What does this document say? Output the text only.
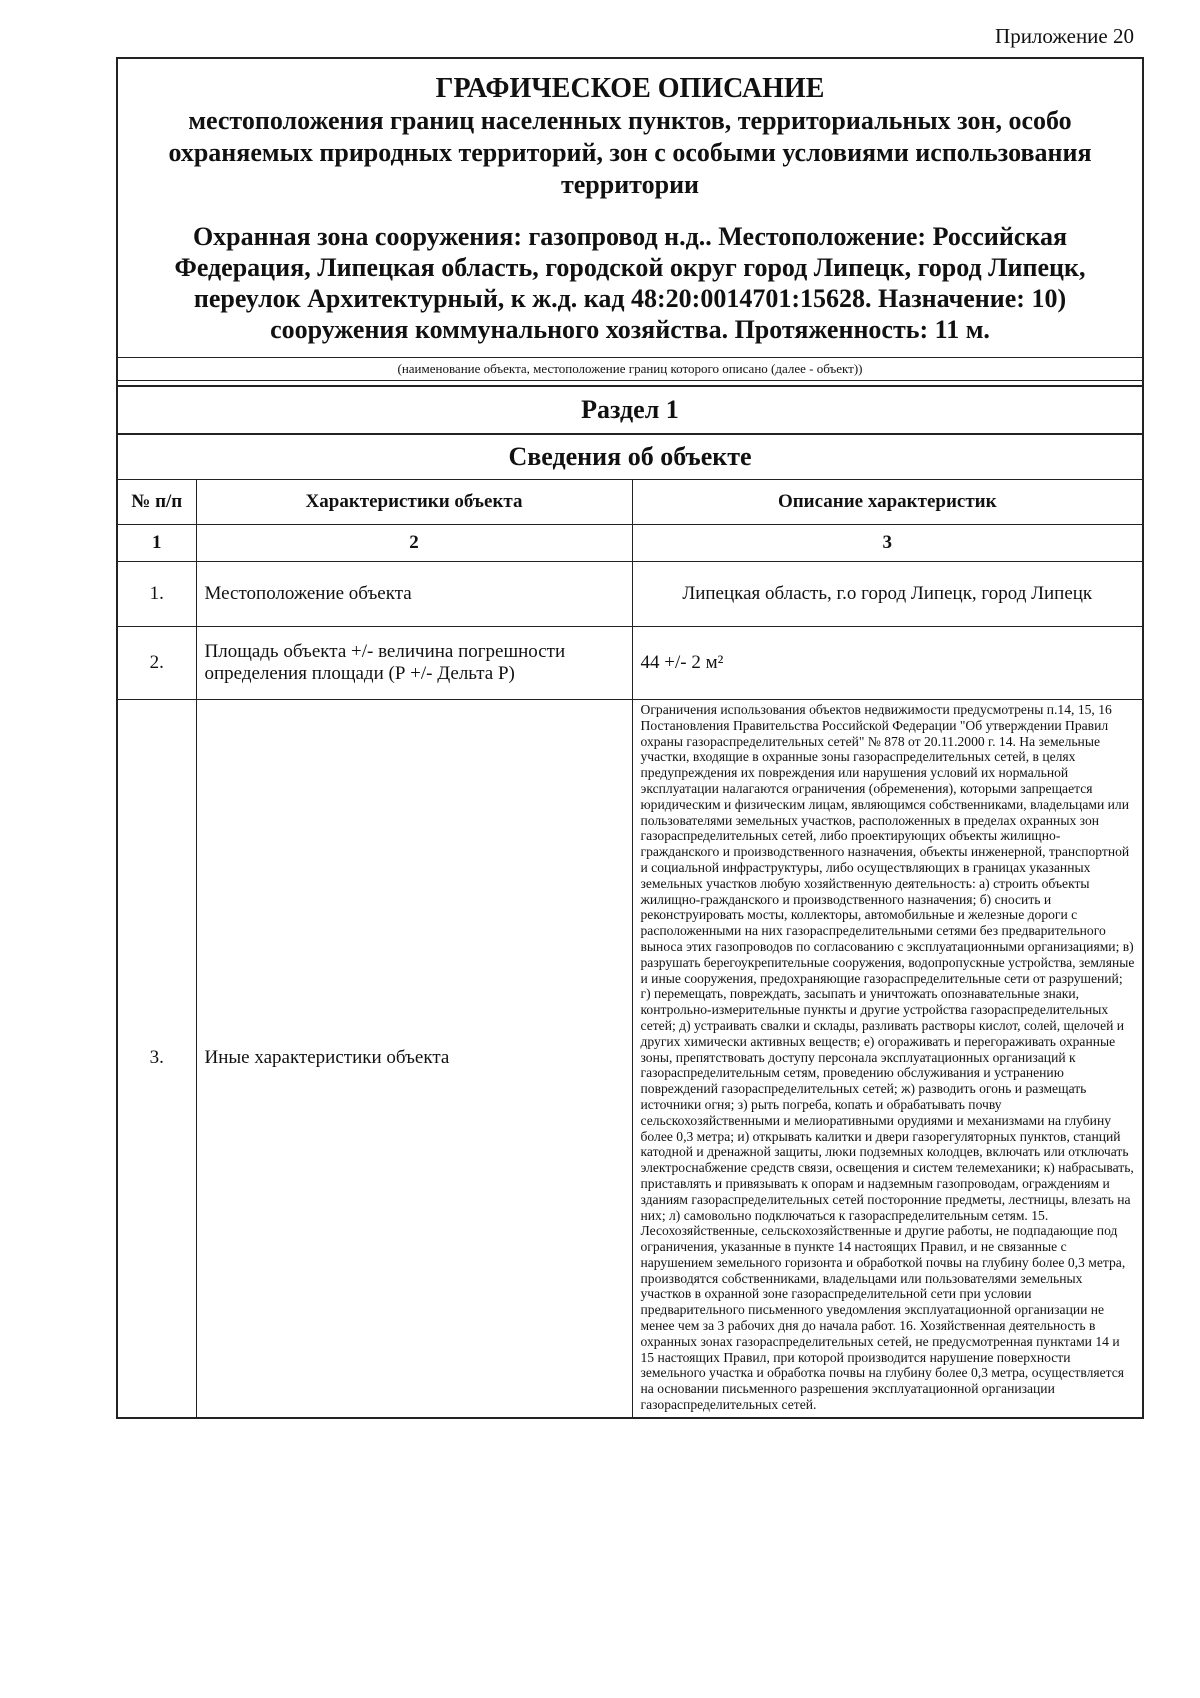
Приложение 20
ГРАФИЧЕСКОЕ ОПИСАНИЕ
местоположения границ населенных пунктов, территориальных зон, особо охраняемых природных территорий, зон с особыми условиями использования территории
Охранная зона сооружения: газопровод н.д.. Местоположение: Российская Федерация, Липецкая область, городской округ город Липецк, город Липецк, переулок Архитектурный, к ж.д. кад 48:20:0014701:15628. Назначение: 10) сооружения коммунального хозяйства. Протяженность: 11 м.
(наименование объекта, местоположение границ которого описано (далее - объект))
Раздел 1
Сведения об объекте
№ п/п	Характеристики объекта	Описание характеристик
1	2	3
1.	Местоположение объекта	Липецкая область, г.о город Липецк, город Липецк
2.	Площадь объекта +/- величина погрешности определения площади (Р +/- Дельта Р)	44 +/- 2 м²
3.	Иные характеристики объекта	Ограничения использования объектов недвижимости предусмотрены п.14, 15, 16 Постановления Правительства Российской Федерации "Об утверждении Правил охраны газораспределительных сетей" № 878 от 20.11.2000 г. 14. На земельные участки, входящие в охранные зоны газораспределительных сетей, в целях предупреждения их повреждения или нарушения условий их нормальной эксплуатации налагаются ограничения (обременения), которыми запрещается юридическим и физическим лицам, являющимся собственниками, владельцами или пользователями земельных участков, расположенных в пределах охранных зон газораспределительных сетей, либо проектирующих объекты жилищно-гражданского и производственного назначения, объекты инженерной, транспортной и социальной инфраструктуры, либо осуществляющих в границах указанных земельных участков любую хозяйственную деятельность: а) строить объекты жилищно-гражданского и производственного назначения; б) сносить и реконструировать мосты, коллекторы, автомобильные и железные дороги с расположенными на них газораспределительными сетями без предварительного выноса этих газопроводов по согласованию с эксплуатационными организациями; в) разрушать берегоукрепительные сооружения, водопропускные устройства, земляные и иные сооружения, предохраняющие газораспределительные сети от разрушений; г) перемещать, повреждать, засыпать и уничтожать опознавательные знаки, контрольно-измерительные пункты и другие устройства газораспределительных сетей; д) устраивать свалки и склады, разливать растворы кислот, солей, щелочей и других химически активных веществ; е) огораживать и перегораживать охранные зоны, препятствовать доступу персонала эксплуатационных организаций к газораспределительным сетям, проведению обслуживания и устранению повреждений газораспределительных сетей; ж) разводить огонь и размещать источники огня; з) рыть погреба, копать и обрабатывать почву сельскохозяйственными и мелиоративными орудиями и механизмами на глубину более 0,3 метра; и) открывать калитки и двери газорегуляторных пунктов, станций катодной и дренажной защиты, люки подземных колодцев, включать или отключать электроснабжение средств связи, освещения и систем телемеханики; к) набрасывать, приставлять и привязывать к опорам и надземным газопроводам, ограждениям и зданиям газораспределительных сетей посторонние предметы, лестницы, влезать на них; л) самовольно подключаться к газораспределительным сетям. 15. Лесохозяйственные, сельскохозяйственные и другие работы, не подпадающие под ограничения, указанные в пункте 14 настоящих Правил, и не связанные с нарушением земельного горизонта и обработкой почвы на глубину более 0,3 метра, производятся собственниками, владельцами или пользователями земельных участков в охранной зоне газораспределительной сети при условии предварительного письменного уведомления эксплуатационной организации не менее чем за 3 рабочих дня до начала работ. 16. Хозяйственная деятельность в охранных зонах газораспределительных сетей, не предусмотренная пунктами 14 и 15 настоящих Правил, при которой производится нарушение поверхности земельного участка и обработка почвы на глубину более 0,3 метра, осуществляется на основании письменного разрешения эксплуатационной организации газораспределительных сетей.
